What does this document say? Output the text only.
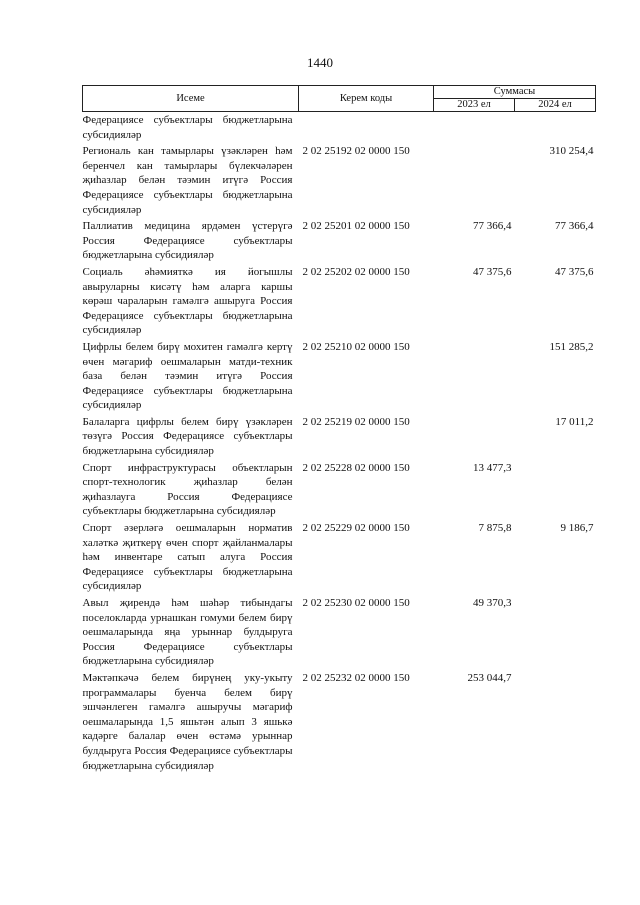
1440
Исеме	Керем коды	Суммасы	
		2023 ел	2024 ел
Федерациясе субъектлары бюджетларына субсидияләр			
Региональ кан тамырлары үзәкләрен һәм беренчел кан тамырлары бүлекчәләрен җиһазлар белән тәэмин итүгә Россия Федерациясе субъектлары бюджетларына субсидияләр	2 02 25192 02 0000 150		310 254,4
Паллиатив медицина ярдәмен үстерүгә Россия Федерациясе субъектлары бюджетларына субсидияләр	2 02 25201 02 0000 150	77 366,4	77 366,4
Социаль әһәмияткә ия йогышлы авыруларны кисәтү һәм аларга каршы көрәш чараларын гамәлгә ашыруга Россия Федерациясе субъектлары бюджетларына субсидияләр	2 02 25202 02 0000 150	47 375,6	47 375,6
Цифрлы белем бирү мохитен гамәлгә кертү өчен мәгариф оешмаларын матди-техник база белән тәэмин итүгә Россия Федерациясе субъектлары бюджетларына субсидияләр	2 02 25210 02 0000 150		151 285,2
Балаларга цифрлы белем бирү үзәкләрен төзүгә Россия Федерациясе субъектлары бюджетларына субсидияләр	2 02 25219 02 0000 150		17 011,2
Спорт инфраструктурасы объектларын спорт-технологик җиһазлар белән җиһазлауга Россия Федерациясе субъектлары бюджетларына субсидияләр	2 02 25228 02 0000 150	13 477,3	
Спорт әзерләгә оешмаларын норматив халәткә җиткерү өчен спорт җайланмалары һәм инвентаре сатып алуга Россия Федерациясе субъектлары бюджетларына субсидияләр	2 02 25229 02 0000 150	7 875,8	9 186,7
Авыл җирендә һәм шәһәр тибындагы поселокларда урнашкан гомуми белем бирү оешмаларында яңа урыннар булдыруга Россия Федерациясе субъектлары бюджетларына субсидияләр	2 02 25230 02 0000 150	49 370,3	
Мәктәпкәчә белем бирүнең уку-укыту программалары буенча белем бирү эшчәнлеген гамәлгә ашыручы мәгариф оешмаларында 1,5 яшьтән алып 3 яшькә кадәрге балалар өчен өстәмә урыннар булдыруга Россия Федерациясе субъектлары бюджетларына субсидияләр	2 02 25232 02 0000 150	253 044,7	
